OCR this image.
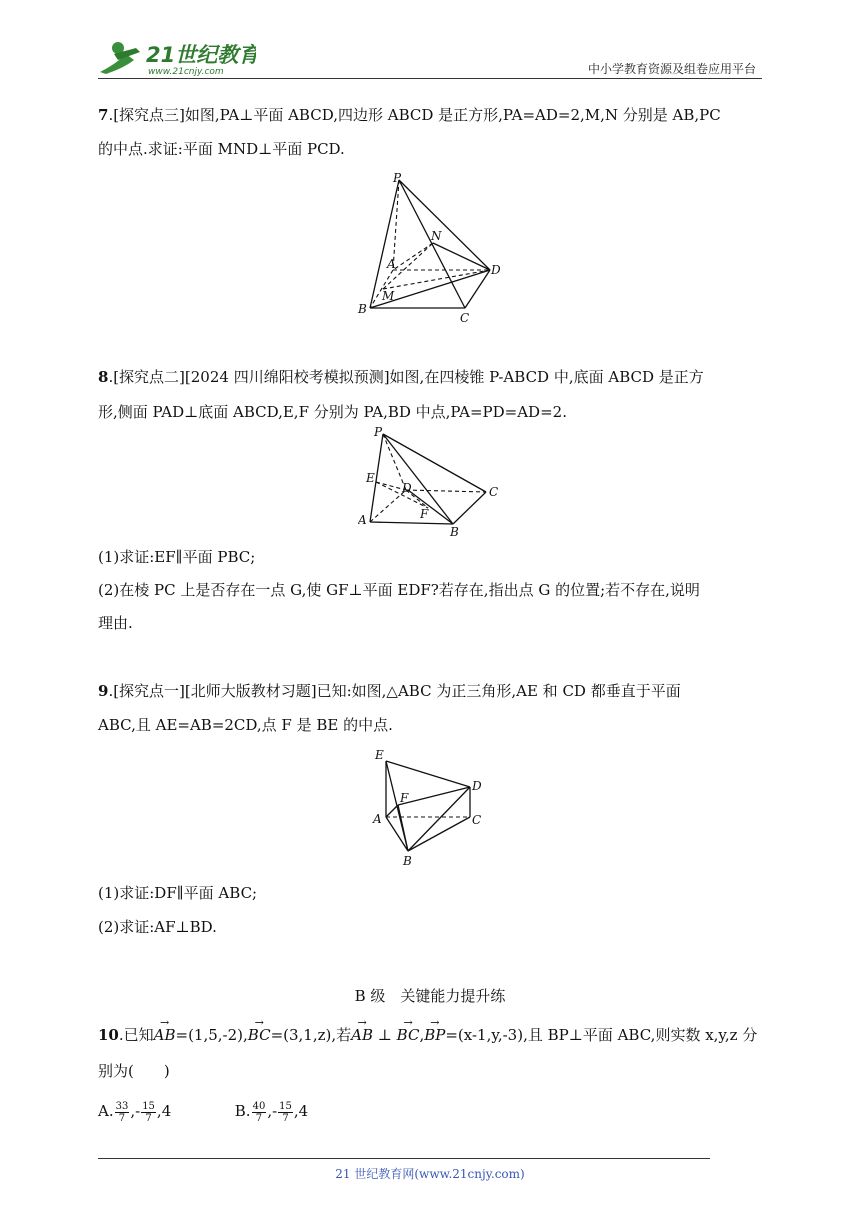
21世纪教育
www.21cnjy.com	中小学教育资源及组卷应用平台
7.[探究点三]如图,PA⊥平面 ABCD,四边形 ABCD 是正方形,PA=AD=2,M,N 分别是 AB,PC
的中点.求证:平面 MND⊥平面 PCD.
P
N
A	D
M
B
C
8.[探究点二][2024 四川绵阳校考模拟预测]如图,在四棱锥 P-ABCD 中,底面 ABCD 是正方
形,侧面 PAD⊥底面 ABCD,E,F 分别为 PA,BD 中点,PA=PD=AD=2.
P
E
D	C
F
A
B
(1)求证:EF∥平面 PBC;
(2)在棱 PC 上是否存在一点 G,使 GF⊥平面 EDF?若存在,指出点 G 的位置;若不存在,说明
理由.
9.[探究点一][北师大版教材习题]已知:如图,△ABC 为正三角形,AE 和 CD 都垂直于平面
ABC,且 AE=AB=2CD,点 F 是 BE 的中点.
E
D
F
A	C
B
(1)求证:DF∥平面 ABC;
(2)求证:AF⊥BD.
B 级　关键能力提升练
10.已知→ AB=(1,5,-2),→ BC=(3,1,z),若→ AB ⊥ → BC,→ BP=(x-1,y,-3),且 BP⊥平面 ABC,则实数 x,y,z 分
别为(　　)
A. $\frac{33}{7}$ ,- $\frac{15}{7} ,4$	B. $\frac{40}{7}$ ,- $\frac{15}{7} ,4$
21 世纪教育网(www.21cnjy.com)
